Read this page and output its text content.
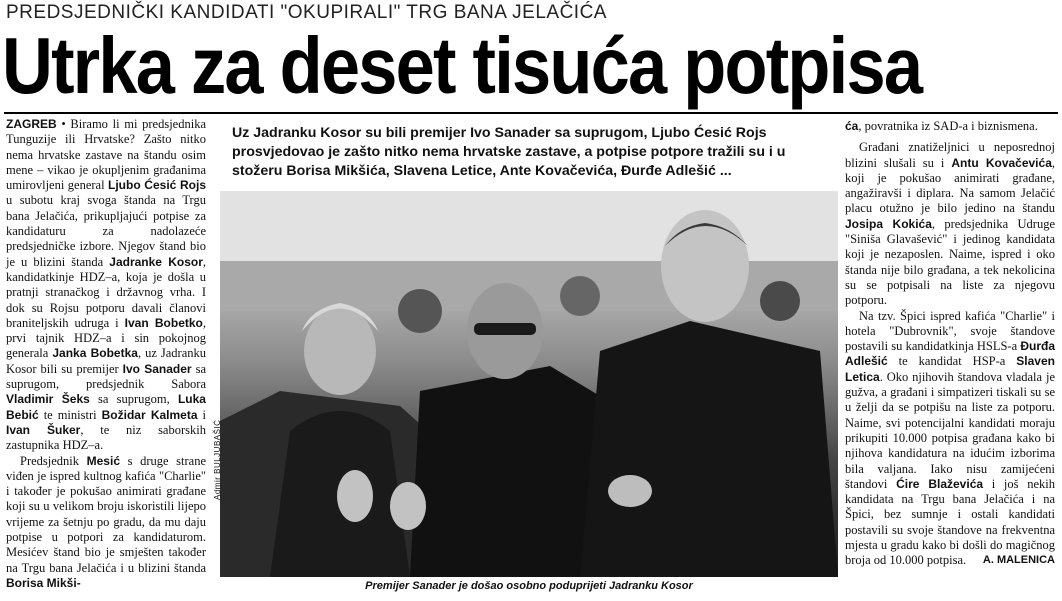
PREDSJEDNIČKI KANDIDATI "OKUPIRALI" TRG BANA JELAČIĆA
Utrka za deset tisuća potpisa

ZAGREB • Biramo li mi predsjednika Tunguzije ili Hrvatske? Zašto nitko nema hrvatske zastave na štandu osim mene – vikao je okupljenim građanima umirovljeni general Ljubo Ćesić Rojs u subotu kraj svoga štanda na Trgu bana Jelačića, prikupljajući potpise za kandidaturu za nadolazeće predsjedničke izbore. Njegov štand bio je u blizini štanda Jadranke Kosor, kandidatkinje HDZ–a, koja je došla u pratnji stranačkog i državnog vrha. I dok su Rojsu potporu davali članovi braniteljskih udruga i Ivan Bobetko, prvi tajnik HDZ–a i sin pokojnog generala Janka Bobetka, uz Jadranku Kosor bili su premijer Ivo Sanader sa suprugom, predsjednik Sabora Vladimir Šeks sa suprugom, Luka Bebić te ministri Božidar Kalmeta i Ivan Šuker, te niz saborskih zastupnika HDZ–a.

Predsjednik Mesić s druge strane viđen je ispred kultnog kafića "Charlie" i također je pokušao animirati građane koji su u velikom broju iskoristili lijepo vrijeme za šetnju po gradu, da mu daju potpise u potpori za kandidaturom. Mesićev štand bio je smješten također na Trgu bana Jelačića i u blizini štanda Borisa Mikši-

Uz Jadranku Kosor su bili premijer Ivo Sanader sa suprugom, Ljubo Ćesić Rojs prosvjedovao je zašto nitko nema hrvatske zastave, a potpise potpore tražili su i u stožeru Borisa Mikšića, Slavena Letice, Ante Kovačevića, Đurđe Adlešić ...
Admir BULJUBAŠIĆ
Premijer Sanader je došao osobno poduprijeti Jadranku Kosor

ća, povratnika iz SAD-a i biznismena.

Građani znatiželjnici u neposrednoj blizini slušali su i Antu Kovačevića, koji je pokušao animirati građane, angažiravši i diplara. Na samom Jelačić placu otužno je bilo jedino na štandu Josipa Kokića, predsjednika Udruge "Siniša Glavašević" i jedinog kandidata koji je nezaposlen. Naime, ispred i oko štanda nije bilo građana, a tek nekolicina su se potpisali na liste za njegovu potporu.

Na tzv. Špici ispred kafića "Charlie" i hotela "Dubrovnik", svoje štandove postavili su kandidatkinja HSLS-a Đurđa Adlešić te kandidat HSP-a Slaven Letica. Oko njihovih štandova vladala je gužva, a građani i simpatizeri tiskali su se u želji da se potpišu na liste za potporu. Naime, svi potencijalni kandidati moraju prikupiti 10.000 potpisa građana kako bi njihova kandidatura na idućim izborima bila valjana. Iako nisu zamijećeni štandovi Ćire Blaževića i još nekih kandidata na Trgu bana Jelačića i na Špici, bez sumnje i ostali kandidati postavili su svoje štandove na frekventna mjesta u gradu kako bi došli do magičnog broja od 10.000 potpisa.	A. MALENICA
